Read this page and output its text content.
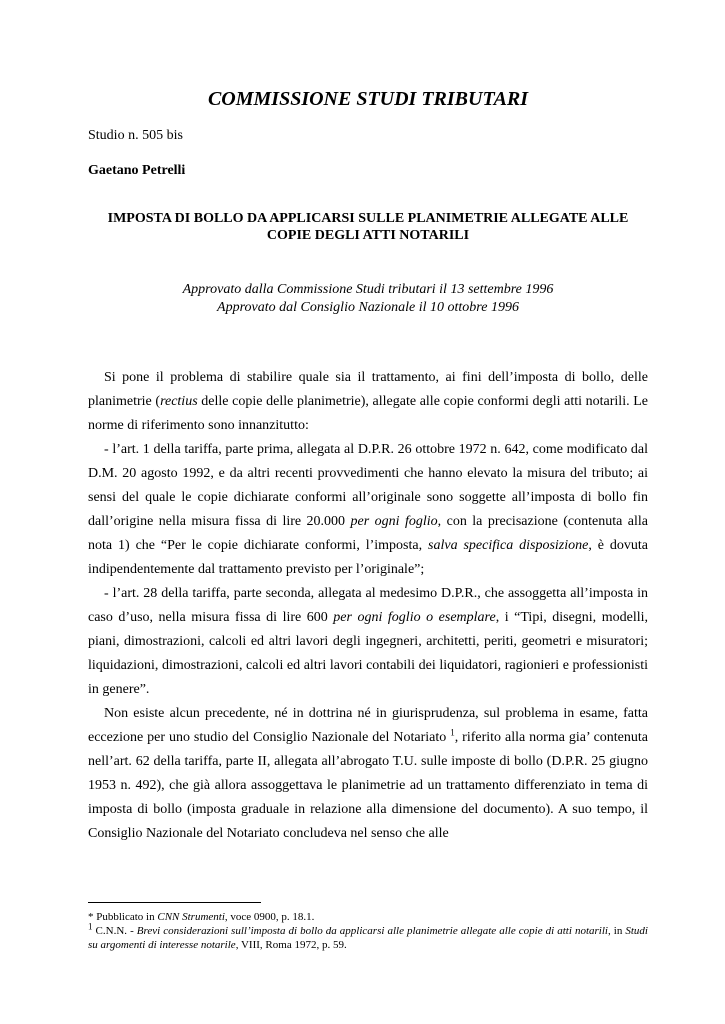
COMMISSIONE STUDI TRIBUTARI

Studio n. 505 bis

Gaetano Petrelli

IMPOSTA DI BOLLO DA APPLICARSI SULLE PLANIMETRIE ALLEGATE ALLE COPIE DEGLI ATTI NOTARILI
Approvato dalla Commissione Studi tributari il 13 settembre 1996
Approvato dal Consiglio Nazionale il 10 ottobre 1996

Si pone il problema di stabilire quale sia il trattamento, ai fini dell’imposta di bollo, delle planimetrie (rectius delle copie delle planimetrie), allegate alle copie conformi degli atti notarili. Le norme di riferimento sono innanzitutto:

- l’art. 1 della tariffa, parte prima, allegata al D.P.R. 26 ottobre 1972 n. 642, come modificato dal D.M. 20 agosto 1992, e da altri recenti provvedimenti che hanno elevato la misura del tributo; ai sensi del quale le copie dichiarate conformi all’originale sono soggette all’imposta di bollo fin dall’origine nella misura fissa di lire 20.000 per ogni foglio, con la precisazione (contenuta alla nota 1) che “Per le copie dichiarate conformi, l’imposta, salva specifica disposizione, è dovuta indipendentemente dal trattamento previsto per l’originale”;

- l’art. 28 della tariffa, parte seconda, allegata al medesimo D.P.R., che assoggetta all’imposta in caso d’uso, nella misura fissa di lire 600 per ogni foglio o esemplare, i “Tipi, disegni, modelli, piani, dimostrazioni, calcoli ed altri lavori degli ingegneri, architetti, periti, geometri e misuratori; liquidazioni, dimostrazioni, calcoli ed altri lavori contabili dei liquidatori, ragionieri e professionisti in genere”.

Non esiste alcun precedente, né in dottrina né in giurisprudenza, sul problema in esame, fatta eccezione per uno studio del Consiglio Nazionale del Notariato $^1$, riferito alla norma gia’ contenuta nell’art. 62 della tariffa, parte II, allegata all’abrogato T.U. sulle imposte di bollo (D.P.R. 25 giugno 1953 n. 492), che già allora assoggettava le planimetrie ad un trattamento differenziato in tema di imposta di bollo (imposta graduale in relazione alla dimensione del documento). A suo tempo, il Consiglio Nazionale del Notariato concludeva nel senso che alle

* Pubblicato in CNN Strumenti, voce 0900, p. 18.1.

$^1$ C.N.N. - Brevi considerazioni sull’imposta di bollo da applicarsi alle planimetrie allegate alle copie di atti notarili, in Studi su argomenti di interesse notarile, VIII, Roma 1972, p. 59.
